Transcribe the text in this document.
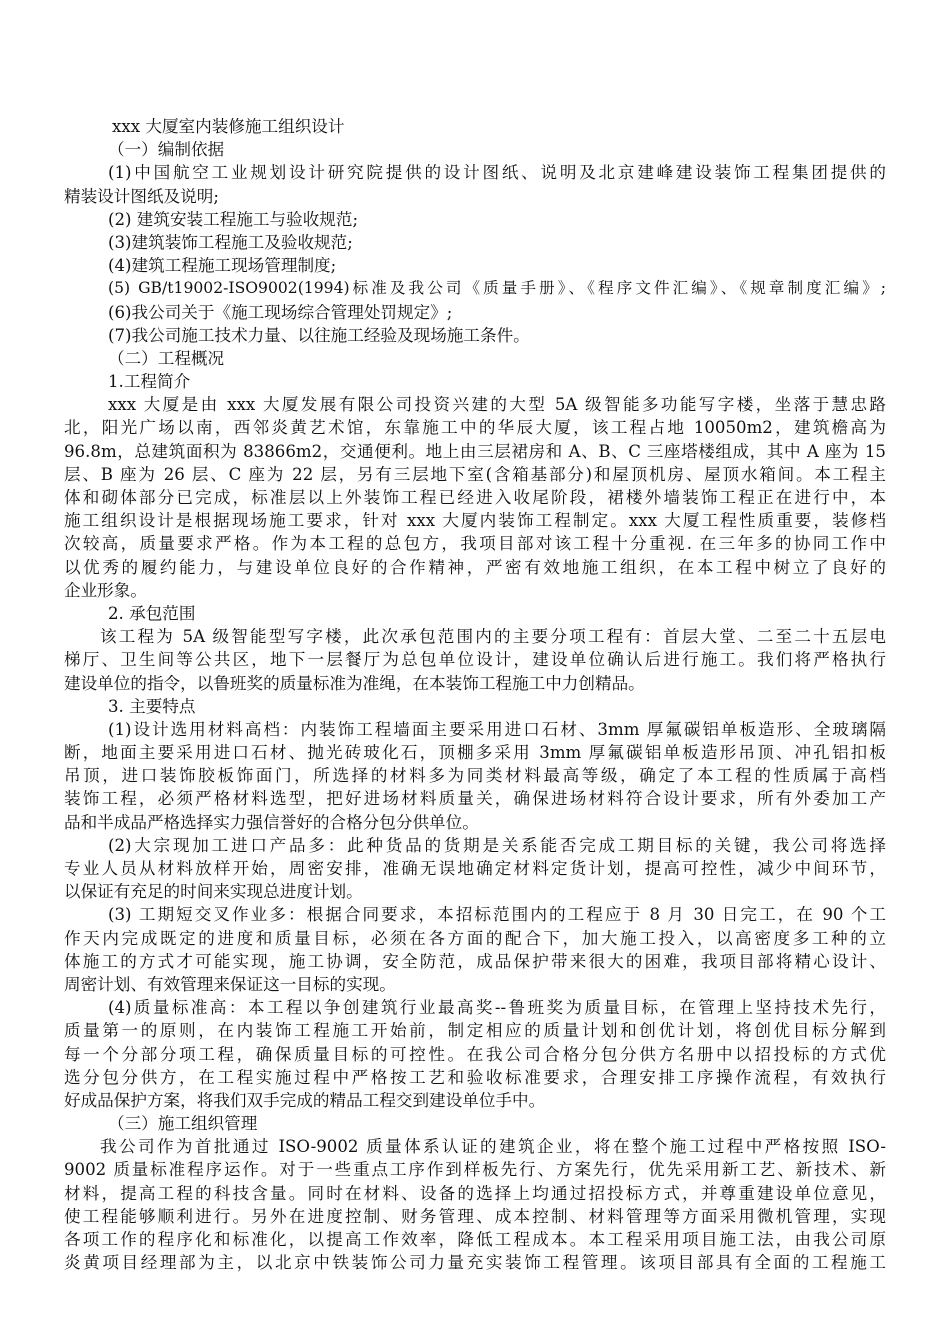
xxx 大厦室内装修施工组织设计
（一）编制依据
(1)中国航空工业规划设计研究院提供的设计图纸、说明及北京建峰建设装饰工程集团提供的
精装设计图纸及说明;
(2) 建筑安装工程施工与验收规范;
(3)建筑装饰工程施工及验收规范;
(4)建筑工程施工现场管理制度;
(5) GB/t19002-ISO9002(1994)标准及我公司《质量手册》、《程序文件汇编》、《规章制度汇编》;
(6)我公司关于《施工现场综合管理处罚规定》;
(7)我公司施工技术力量、以往施工经验及现场施工条件。
（二）工程概况
1.工程简介
xxx 大厦是由 xxx 大厦发展有限公司投资兴建的大型 5A 级智能多功能写字楼，坐落于慧忠路
北，阳光广场以南，西邻炎黄艺术馆，东靠施工中的华辰大厦，该工程占地 10050m2，建筑檐高为
96.8m，总建筑面积为 83866m2，交通便利。地上由三层裙房和 A、B、C 三座塔楼组成，其中 A 座为 15
层、B 座为 26 层、C 座为 22 层，另有三层地下室(含箱基部分)和屋顶机房、屋顶水箱间。本工程主
体和砌体部分已完成，标准层以上外装饰工程已经进入收尾阶段，裙楼外墙装饰工程正在进行中，本
施工组织设计是根据现场施工要求，针对 xxx 大厦内装饰工程制定。xxx 大厦工程性质重要，装修档
次较高，质量要求严格。作为本工程的总包方，我项目部对该工程十分重视. 在三年多的协同工作中
以优秀的履约能力，与建设单位良好的合作精神，严密有效地施工组织，在本工程中树立了良好的
企业形象。
2. 承包范围
该工程为 5A 级智能型写字楼，此次承包范围内的主要分项工程有：首层大堂、二至二十五层电
梯厅、卫生间等公共区，地下一层餐厅为总包单位设计，建设单位确认后进行施工。我们将严格执行
建设单位的指令，以鲁班奖的质量标准为准绳，在本装饰工程施工中力创精品。
3. 主要特点
(1)设计选用材料高档：内装饰工程墙面主要采用进口石材、3mm 厚氟碳铝单板造形、全玻璃隔
断，地面主要采用进口石材、抛光砖玻化石，顶棚多采用 3mm 厚氟碳铝单板造形吊顶、冲孔铝扣板
吊顶，进口装饰胶板饰面门，所选择的材料多为同类材料最高等级，确定了本工程的性质属于高档
装饰工程，必须严格材料选型，把好进场材料质量关，确保进场材料符合设计要求，所有外委加工产
品和半成品严格选择实力强信誉好的合格分包分供单位。
(2)大宗现加工进口产品多：此种货品的货期是关系能否完成工期目标的关键，我公司将选择
专业人员从材料放样开始，周密安排，准确无误地确定材料定货计划，提高可控性，减少中间环节，
以保证有充足的时间来实现总进度计划。
(3) 工期短交叉作业多：根据合同要求，本招标范围内的工程应于 8 月 30 日完工，在 90 个工
作天内完成既定的进度和质量目标，必须在各方面的配合下，加大施工投入，以高密度多工种的立
体施工的方式才可能实现，施工协调，安全防范，成品保护带来很大的困难，我项目部将精心设计、
周密计划、有效管理来保证这一目标的实现。
(4)质量标准高：本工程以争创建筑行业最高奖--鲁班奖为质量目标，在管理上坚持技术先行，
质量第一的原则，在内装饰工程施工开始前，制定相应的质量计划和创优计划，将创优目标分解到
每一个分部分项工程，确保质量目标的可控性。在我公司合格分包分供方名册中以招投标的方式优
选分包分供方，在工程实施过程中严格按工艺和验收标准要求，合理安排工序操作流程，有效执行
好成品保护方案，将我们双手完成的精品工程交到建设单位手中。
（三）施工组织管理
我公司作为首批通过 ISO-9002 质量体系认证的建筑企业，将在整个施工过程中严格按照 ISO-
9002 质量标准程序运作。对于一些重点工序作到样板先行、方案先行，优先采用新工艺、新技术、新
材料，提高工程的科技含量。同时在材料、设备的选择上均通过招投标方式，并尊重建设单位意见，
使工程能够顺利进行。另外在进度控制、财务管理、成本控制、材料管理等方面采用微机管理，实现
各项工作的程序化和标准化，以提高工作效率，降低工程成本。本工程采用项目施工法，由我公司原
炎黄项目经理部为主，以北京中铁装饰公司力量充实装饰工程管理。该项目部具有全面的工程施工
